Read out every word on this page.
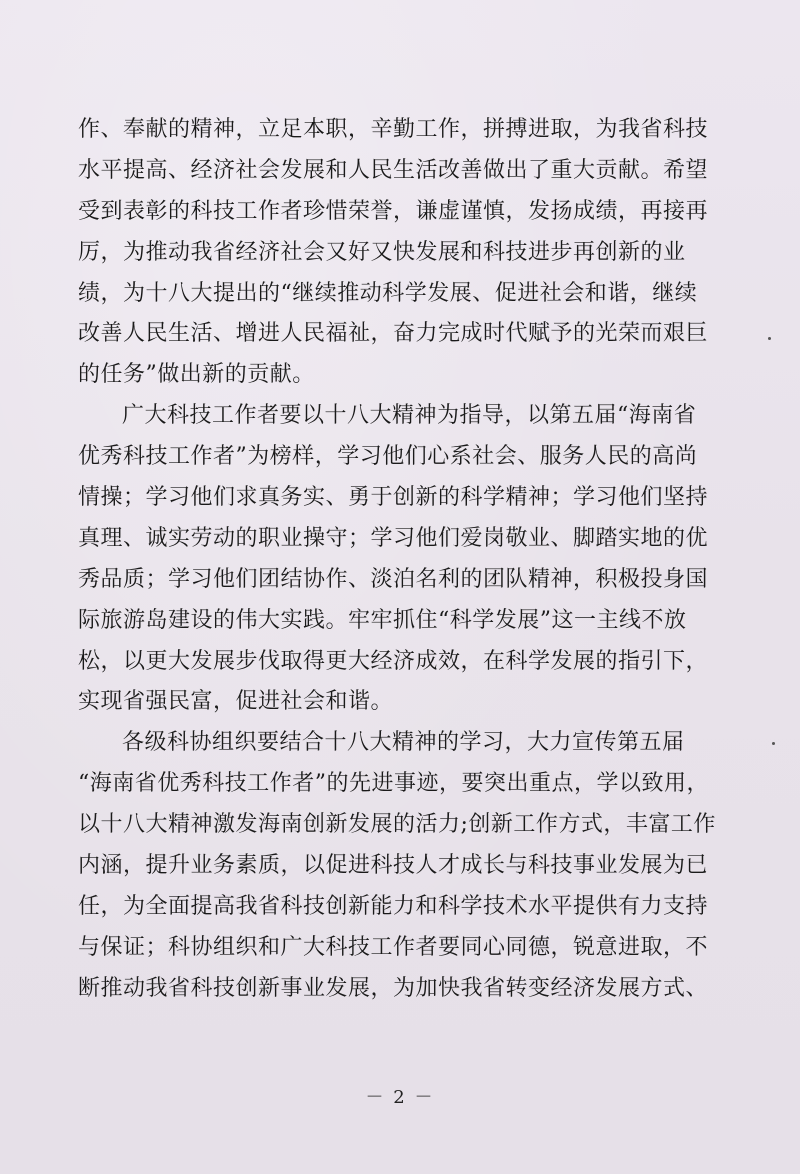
作、奉献的精神，立足本职，辛勤工作，拼搏进取，为我省科技
水平提高、经济社会发展和人民生活改善做出了重大贡献。希望
受到表彰的科技工作者珍惜荣誉，谦虚谨慎，发扬成绩，再接再
厉，为推动我省经济社会又好又快发展和科技进步再创新的业
绩，为十八大提出的“继续推动科学发展、促进社会和谐，继续
改善人民生活、增进人民福祉，奋力完成时代赋予的光荣而艰巨
的任务”做出新的贡献。
广大科技工作者要以十八大精神为指导，以第五届“海南省
优秀科技工作者”为榜样，学习他们心系社会、服务人民的高尚
情操；学习他们求真务实、勇于创新的科学精神；学习他们坚持
真理、诚实劳动的职业操守；学习他们爱岗敬业、脚踏实地的优
秀品质；学习他们团结协作、淡泊名利的团队精神，积极投身国
际旅游岛建设的伟大实践。牢牢抓住“科学发展”这一主线不放
松，以更大发展步伐取得更大经济成效，在科学发展的指引下，
实现省强民富，促进社会和谐。
各级科协组织要结合十八大精神的学习，大力宣传第五届
“海南省优秀科技工作者”的先进事迹，要突出重点，学以致用，
以十八大精神激发海南创新发展的活力;创新工作方式，丰富工作
内涵，提升业务素质，以促进科技人才成长与科技事业发展为已
任，为全面提高我省科技创新能力和科学技术水平提供有力支持
与保证；科协组织和广大科技工作者要同心同德，锐意进取，不
断推动我省科技创新事业发展，为加快我省转变经济发展方式、
－ 2 －
